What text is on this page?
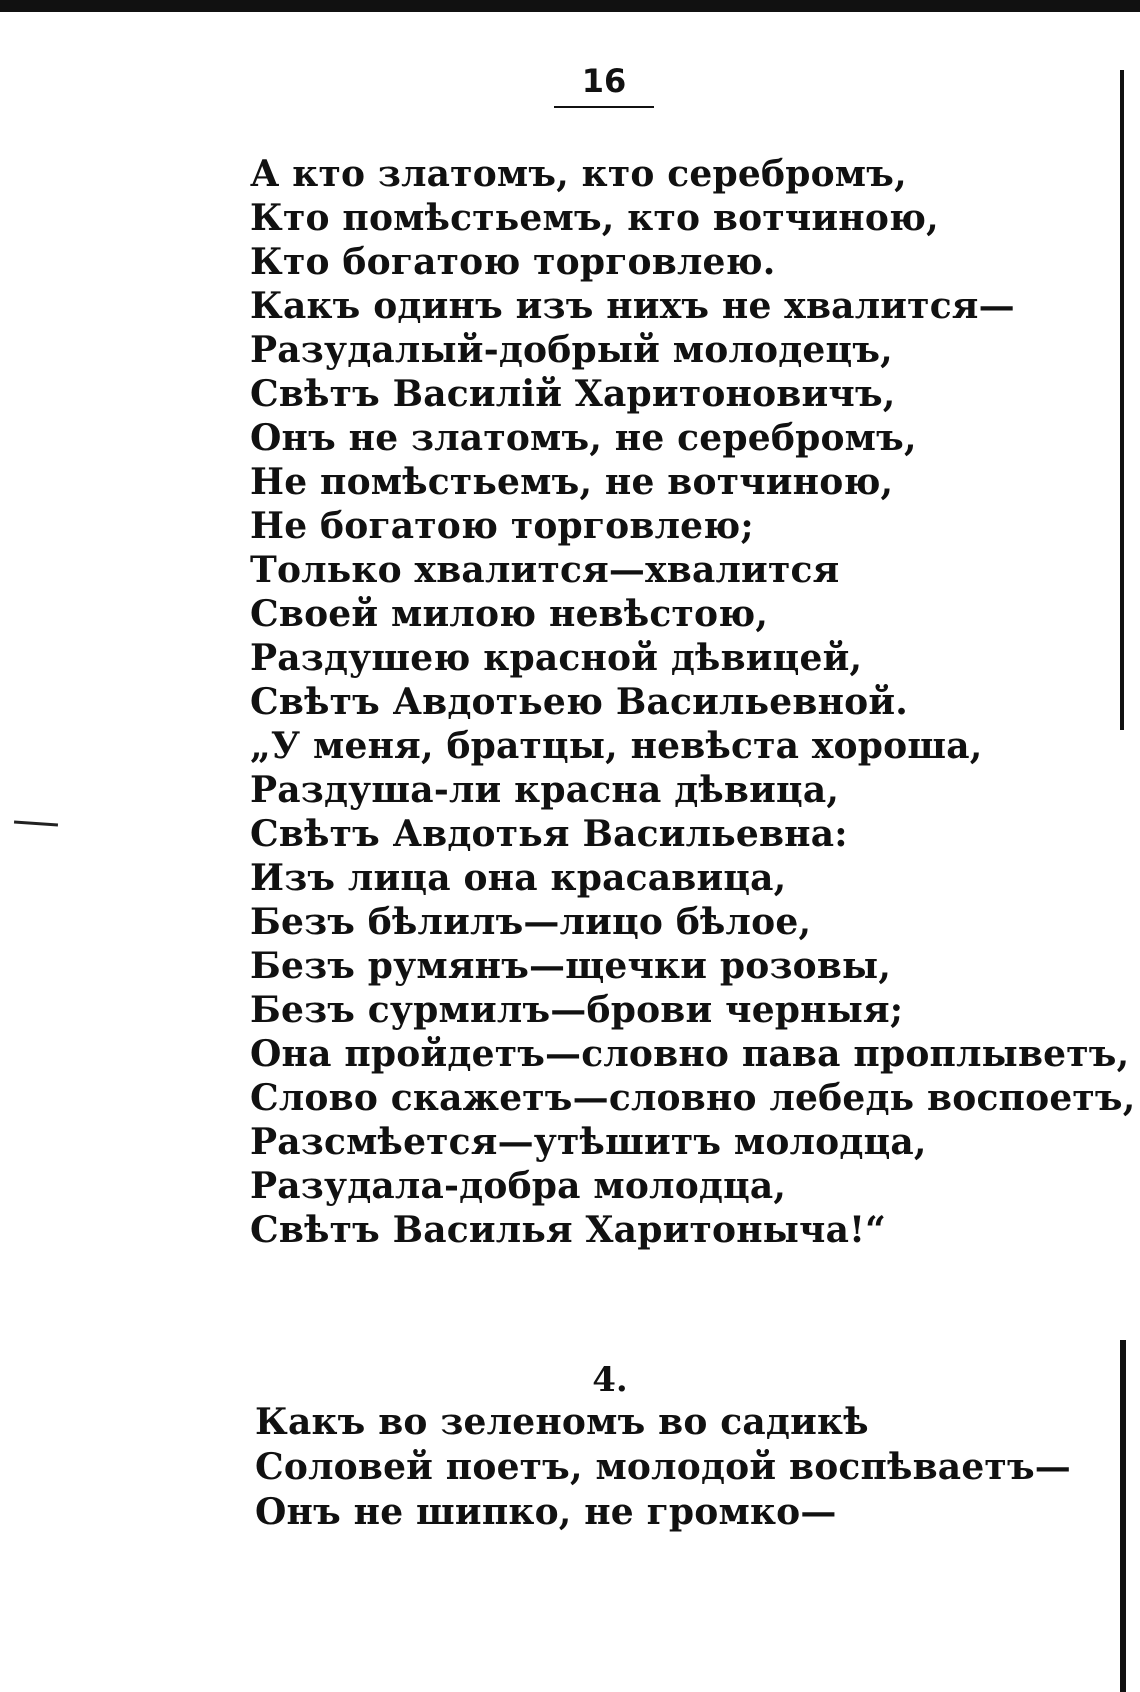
16
А кто златомъ, кто серебромъ,
Кто помѣстьемъ, кто вотчиною,
Кто богатою торговлею.
Какъ одинъ изъ нихъ не хвалится—
Разудалый-добрый молодецъ,
Свѣтъ Василій Харитоновичъ,
Онъ не златомъ, не серебромъ,
Не помѣстьемъ, не вотчиною,
Не богатою торговлею;
Только хвалится—хвалится
Своей милою невѣстою,
Раздушею красной дѣвицей,
Свѣтъ Авдотьею Васильевной.
„У меня, братцы, невѣста хороша,
Раздуша-ли красна дѣвица,
Свѣтъ Авдотья Васильевна:
Изъ лица она красавица,
Безъ бѣлилъ—лицо бѣлое,
Безъ румянъ—щечки розовы,
Безъ сурмилъ—брови черныя;
Она пройдетъ—словно пава проплыветъ,
Слово скажетъ—словно лебедь воспоетъ,
Разсмѣется—утѣшитъ молодца,
Разудала-добра молодца,
Свѣтъ Василья Харитоныча!“
4.
Какъ во зеленомъ во садикѣ
Соловей поетъ, молодой воспѣваетъ—
Онъ не шипко, не громко—
